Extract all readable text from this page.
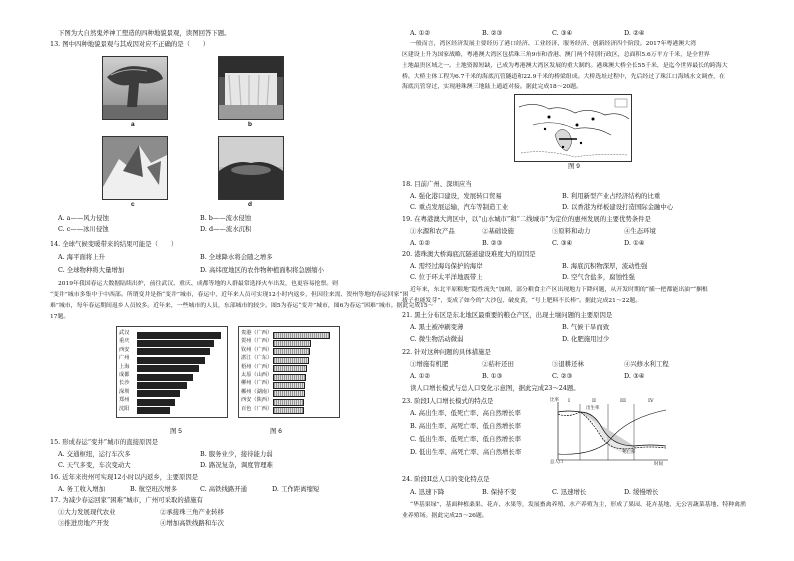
下图为大自然鬼斧神工塑造的四种地貌景观，读图回答下题。
13. 图中四种地貌景观与其成因对应不正确的是（　　）
a	b
c	d
A. a——风力侵蚀	B. b——流水侵蚀
C. c——冰川侵蚀	D. d——流水沉积
14. 全球气候变暖带来的结果可能是（　　）
A. 海平面将上升	B. 全球降水将会随之增多
C. 全球物种将大量增加	D. 高纬度地区的农作物种植面积将急剧缩小
2019年我国春运大数据陆续出炉，前往武汉、重庆、成都等地的人群最常选择火车出发，也更容易抢票。则
“变井”城市多集中于中西部。所谓变井是指“变井”城市，春运中，近年来人员可实现12小时内返乡，但因往来需、贺州等地的春运回家“困
难”城市，每年春运期间返乡人员较多。近年来，一些城市的人员，东部城市的较少。图5为春运“变井”城市，图6为春运“困难”城市。据此完成15～
17题。
武汉
重庆
西安
广州
上海
成都
长沙
深圳
郑州
沈阳
图 5
贵港（广西）
贺州（广西）
钦州（广西）
湛江（广东）
梧州（广西）
太原（山西）
柳州（广西）
郴州（湖南）
西安（陕西）
百色（广西）
图 6
15. 形成春运“变井”城市的直接原因是
A. 交通枢纽，运行车次多	B. 服务业少，接待能力弱
C. 天气多变，车次变动大	D. 路况复杂，调度管理难
16. 近年来贵州可实现12小时以内返乡，主要原因是
A. 务工收入增加	B. 航空班次增多	C. 高铁线路开通	D. 工作距离缩短
17. 为减少春运回家“困难”城市，广州可采取的措施有
①大力发展现代农业	②承接珠三角产业转移
③推进房地产开发	④增加高铁线路和车次
A. ①②	B. ②③	C. ③④	D. ②④
一般而言，湾区经济发展主要经历了港口经济、工业经济、服务经济、创新经济四个阶段。2017年粤港澳大湾
区建设上升为国家战略，粤港澳大湾区包括珠三角9市和香港、澳门两个特别行政区，总面积5.6万平方千米，是全世界
土地最贵区域之一。土地资源短缺，已成为粤港澳大湾区发展的重大制约。港珠澳大桥全长55千米，是迄今世界最长的跨海大
桥。大桥主体工程为6.7千米的海底沉管隧道和22.9千米的桥梁组成。大桥选址过程中，先后经过了珠江口海域水文调查，在
海底沉管穿过，实现港珠澳三地陆上通道对接。据此完成18～20题。
图 9
18. 目前广州、深圳应当
A. 强化港口建设，发展转口贸易	B. 利用新型产业占经济结构的比重
C. 重点发展运输，汽车等制造工业	D. 以香港为样板建设打造国际金融中心
19. 在粤港澳大湾区中，以“山水城市”和“二线城市”为定位的惠州发展的主要优势条件是
①水源和农产品	②基础设施	③原料和动力	④生态环境
A. ①②	B. ②③	C. ③④	D. ①④
20. 港珠澳大桥海底沉隧道建设难度大的原因是
A. 需经过海岛保护的海岸	B. 海底沉积物深厚，流动性强
C. 位于环太平洋地震带上	D. 空气含盐多，腐蚀性强
近年来，东北平原粮地“隐性流失”加剧，部分粮食主产区出现地力下降问题，从开发时期的“插一把都能出油”“捆根
拔子也能发芽”，变成了如今的“大沙包、破皮黄，“号上肥料不长棒”。据此完成21～22题。
21. 黑土分布区是东北地区最重要的粮仓产区，出现土壤问题的主要原因是
A. 黑土被冲刷变薄	B. 气候干旱而致
C. 微生物活动微弱	D. 化肥施用过少
22. 针对这种问题的具体措施是
①增施有机肥	②秸秆还田	③退耕还林	④兴修水利工程
A. ①②	B. ①③	C. ②③	D. ③④
读人口增长模式与总人口变化示意图，据此完成23～24题。
23. 阶段I人口增长模式的特点是
A. 高出生率、低死亡率、高自然增长率
B. 高出生率、高死亡率、低自然增长率
C. 低出生率、低死亡率、低自然增长率
D. 低出生率、高死亡率、高自然增长率
I	II	III	IV
出生率
死亡率
比率
时间
总人口
24. 阶段II总人口的变化特点是
A. 迅速下降	B. 保持不变	C. 迅速增长	D. 缓慢增长
“华基果绿”，基面种植桑果、花卉、水果等，发展畜禽养殖、水产养殖为主，形成了果园、花卉基地、无公害蔬菜基地、特种禽渔
业养殖场。据此完成25～26题。
